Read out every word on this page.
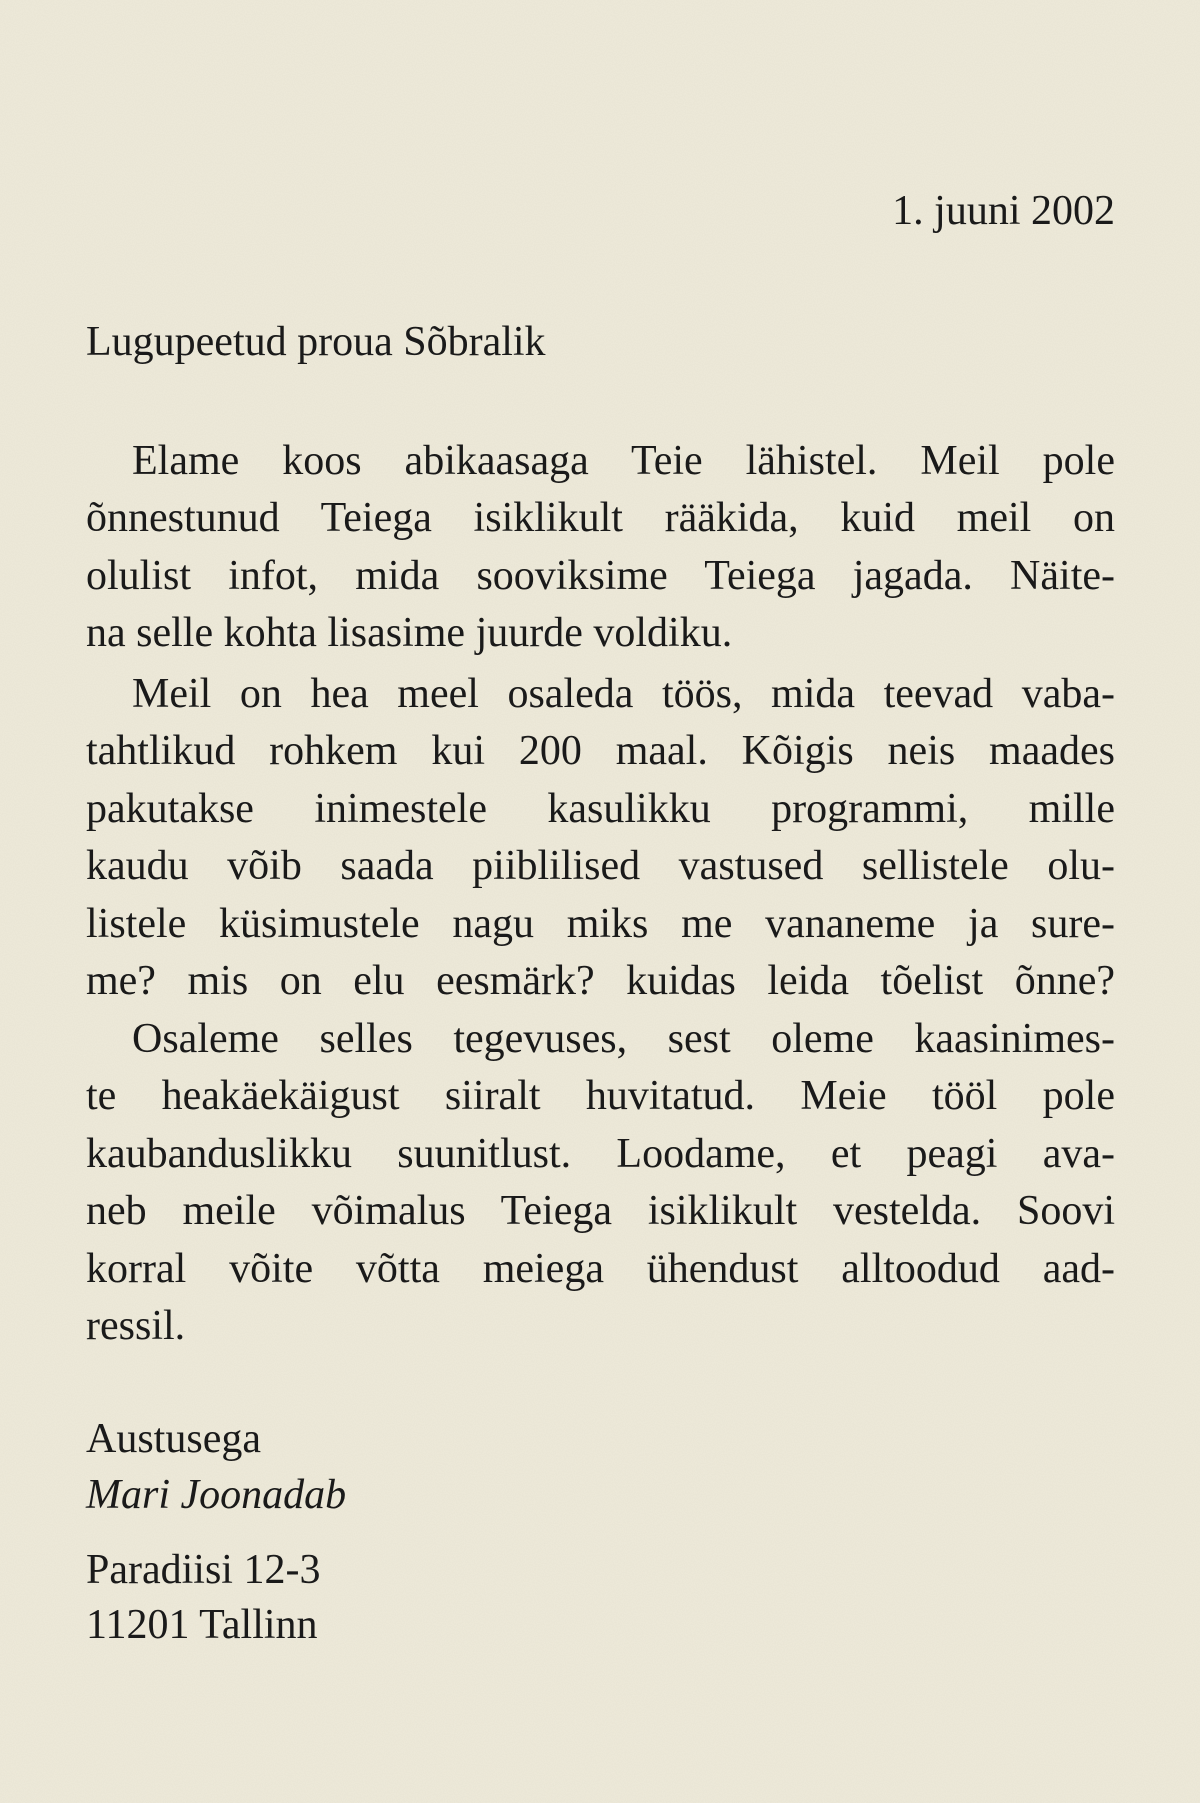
1. juuni 2002
Lugupeetud proua Sõbralik
Elame koos abikaasaga Teie lähistel. Meil pole
õnnestunud Teiega isiklikult rääkida, kuid meil on
olulist infot, mida sooviksime Teiega jagada. Näite-
na selle kohta lisasime juurde voldiku.
Meil on hea meel osaleda töös, mida teevad vaba-
tahtlikud rohkem kui 200 maal. Kõigis neis maades
pakutakse inimestele kasulikku programmi, mille
kaudu võib saada piiblilised vastused sellistele olu-
listele küsimustele nagu miks me vananeme ja sure-
me? mis on elu eesmärk? kuidas leida tõelist õnne?
Osaleme selles tegevuses, sest oleme kaasinimes-
te heakäekäigust siiralt huvitatud. Meie tööl pole
kaubanduslikku suunitlust. Loodame, et peagi ava-
neb meile võimalus Teiega isiklikult vestelda. Soovi
korral võite võtta meiega ühendust alltoodud aad-
ressil.
Austusega
Mari Joonadab
Paradiisi 12-3
11201 Tallinn
